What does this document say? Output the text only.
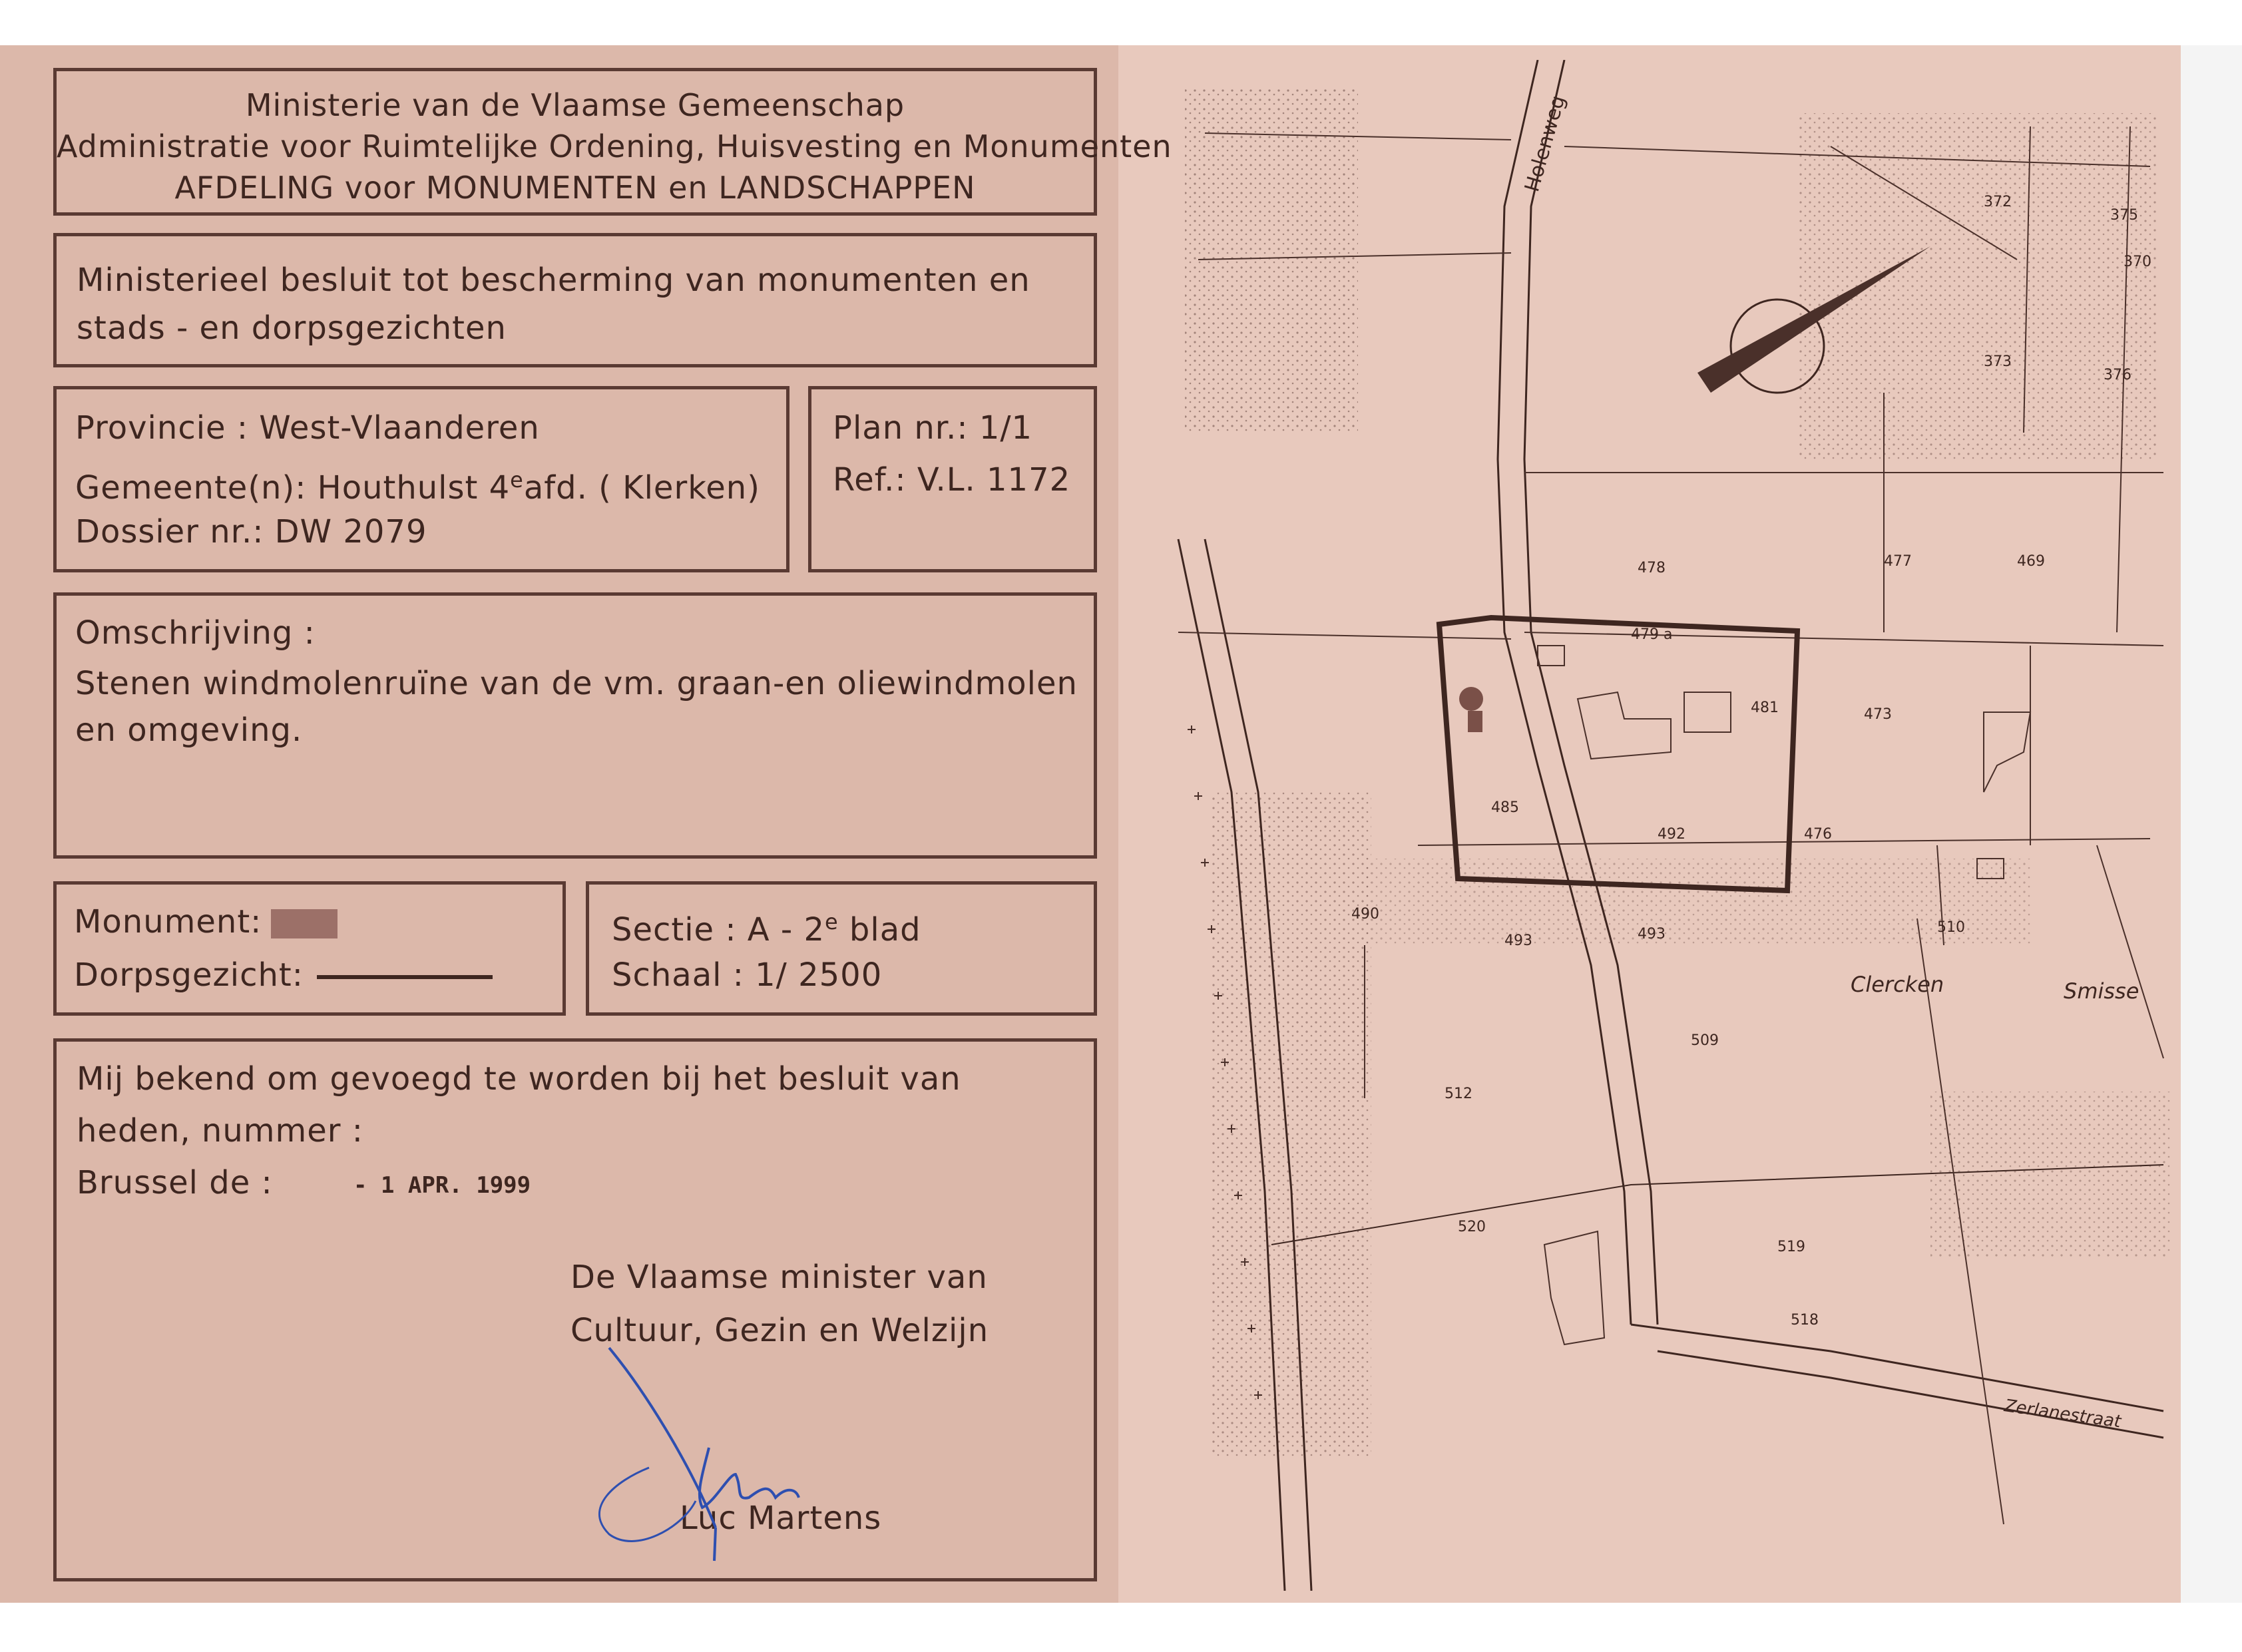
Ministerie van de Vlaamse Gemeenschap
Administratie voor Ruimtelijke Ordening, Huisvesting en Monumenten
AFDELING voor MONUMENTEN en LANDSCHAPPEN
Ministerieel besluit tot bescherming van monumenten en
stads - en dorpsgezichten
Provincie : West-Vlaanderen
Gemeente(n): Houthulst 4eafd. ( Klerken)
Dossier nr.: DW 2079
Plan nr.: 1/1
Ref.: V.L. 1172
Omschrijving :
Stenen windmolenruïne van de vm. graan-en oliewindmolen
en omgeving.
Monument:
Dorpsgezicht:
Sectie : A - 2e blad
Schaal : 1/ 2500
Mij bekend om gevoegd te worden bij het besluit van
heden, nummer :
Brussel de :	- 1 APR. 1999
De Vlaamse minister van
Cultuur, Gezin en Welzijn
Luc Martens
Holenweg
Clercken	Smisse
Zerlanestraat
479 a
478
481
485
492
493
473
476
477	469
490
493
509
510
512
520
519
518
372
373
375
376
370
